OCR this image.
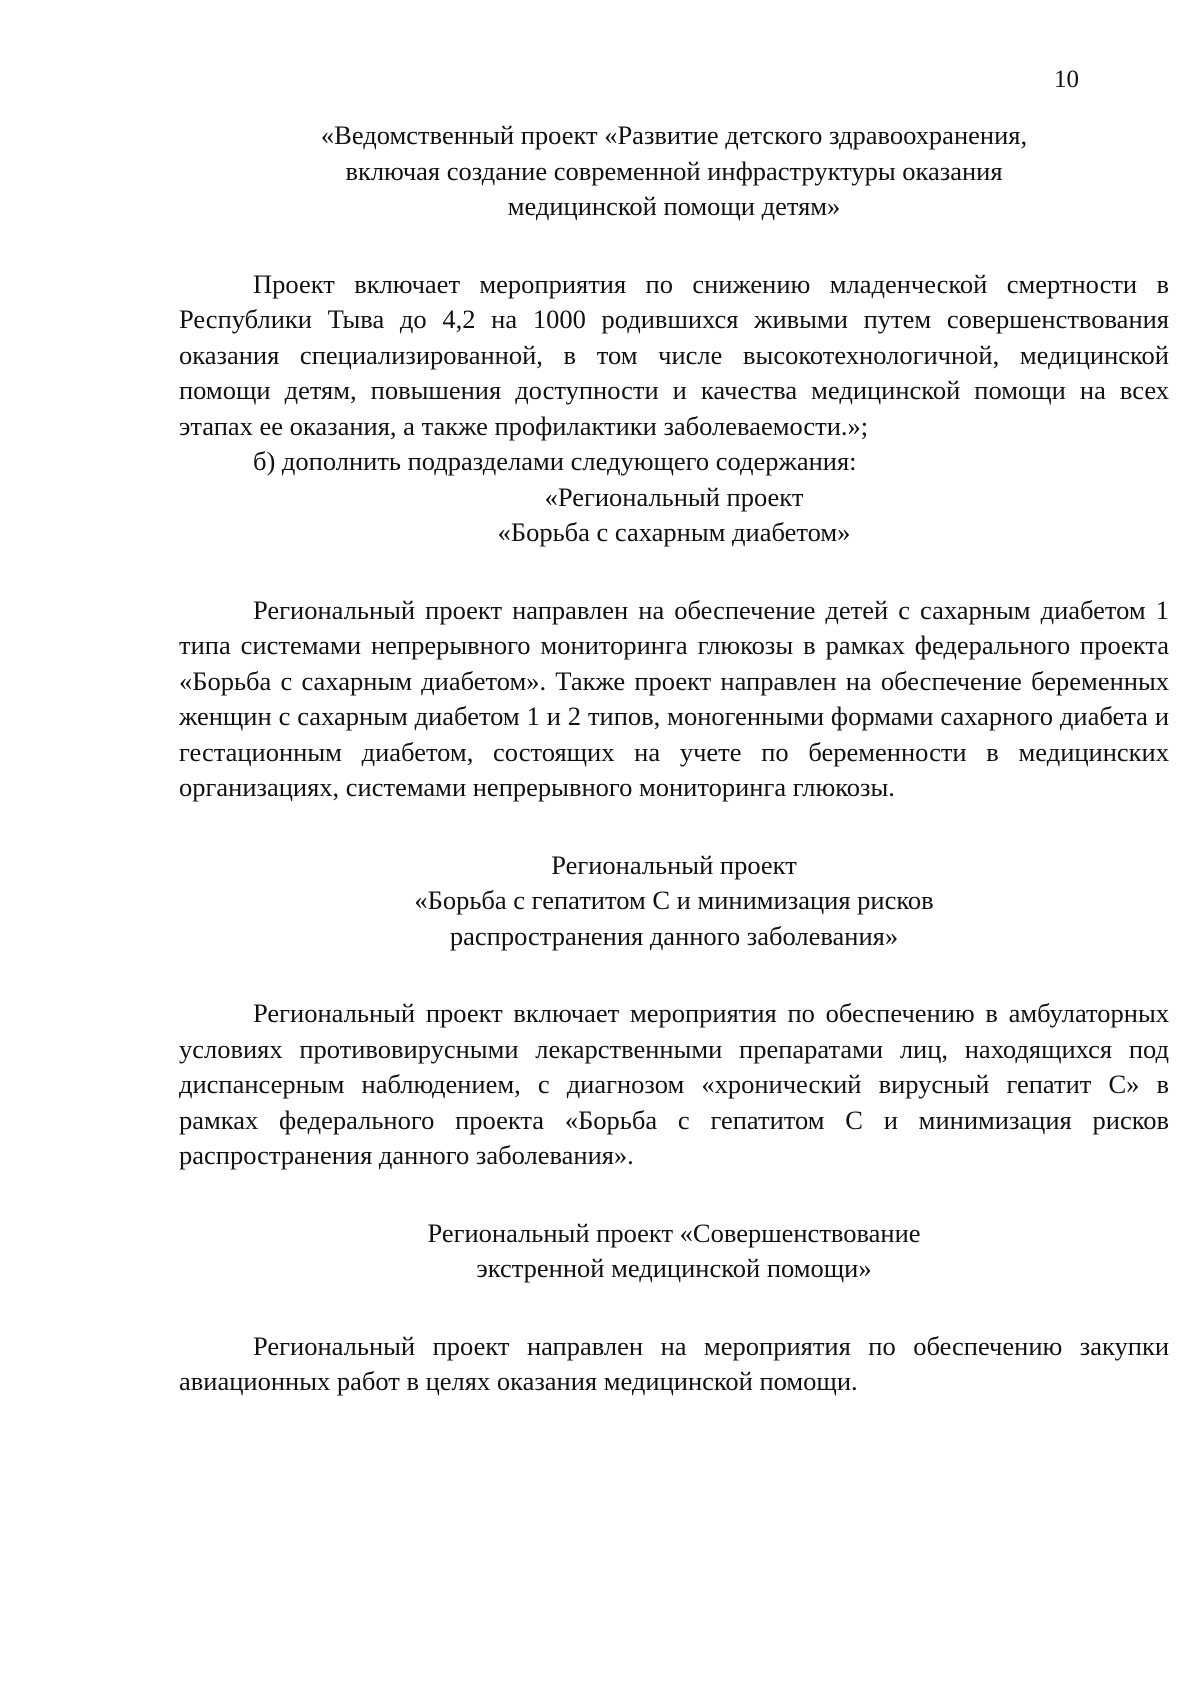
10
«Ведомственный проект «Развитие детского здравоохранения,
включая создание современной инфраструктуры оказания
медицинской помощи детям»

Проект включает мероприятия по снижению младенческой смертности в Республики Тыва до 4,2 на 1000 родившихся живыми путем совершенствования оказания специализированной, в том числе высокотехнологичной, медицинской помощи детям, повышения доступности и качества медицинской помощи на всех этапах ее оказания, а также профилактики заболеваемости.»;

б) дополнить подразделами следующего содержания:

«Региональный проект
«Борьба с сахарным диабетом»

Региональный проект направлен на обеспечение детей с сахарным диабетом 1 типа системами непрерывного мониторинга глюкозы в рамках федерального проекта «Борьба с сахарным диабетом». Также проект направлен на обеспечение беременных женщин с сахарным диабетом 1 и 2 типов, моногенными формами сахарного диабета и гестационным диабетом, состоящих на учете по беременности в медицинских организациях, системами непрерывного мониторинга глюкозы.

Региональный проект
«Борьба с гепатитом С и минимизация рисков
распространения данного заболевания»

Региональный проект включает мероприятия по обеспечению в амбулаторных условиях противовирусными лекарственными препаратами лиц, находящихся под диспансерным наблюдением, с диагнозом «хронический вирусный гепатит С» в рамках федерального проекта «Борьба с гепатитом С и минимизация рисков распространения данного заболевания».

Региональный проект «Совершенствование
экстренной медицинской помощи»

Региональный проект направлен на мероприятия по обеспечению закупки авиационных работ в целях оказания медицинской помощи.
